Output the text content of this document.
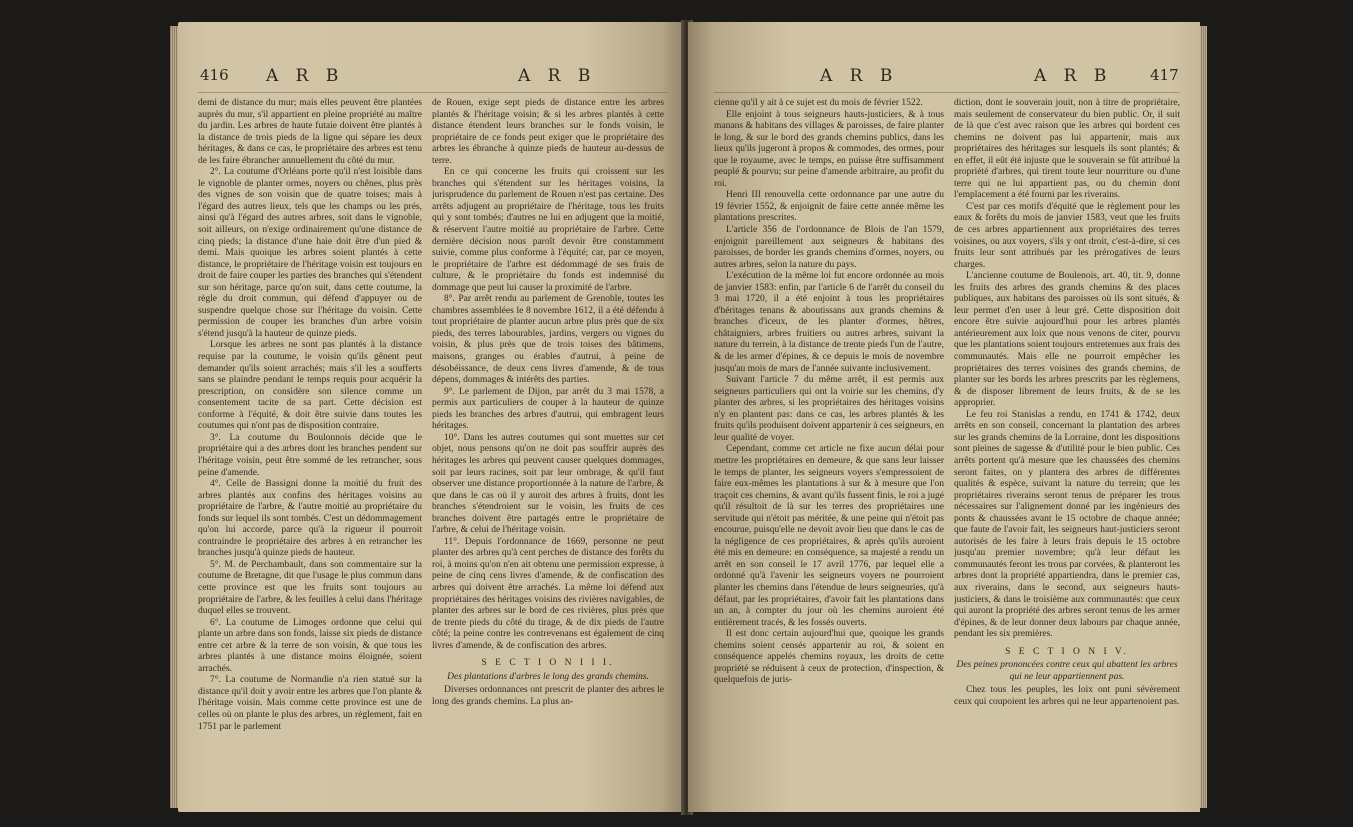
416 A R B	A R B

demi de distance du mur; mais elles peuvent être plantées auprès du mur, s'il appartient en pleine propriété au maître du jardin. Les arbres de haute futaie doivent être plantés à la distance de trois pieds de la ligne qui sépare les deux héritages, & dans ce cas, le propriétaire des arbres est tenu de les faire ébrancher annuellement du côté du mur.

2°. La coutume d'Orléans porte qu'il n'est loisible dans le vignoble de planter ormes, noyers ou chênes, plus près des vignes de son voisin que de quatre toises; mais à l'égard des autres lieux, tels que les champs ou les prés, ainsi qu'à l'égard des autres arbres, soit dans le vignoble, soit ailleurs, on n'exige ordinairement qu'une distance de cinq pieds; la distance d'une haie doit être d'un pied & demi. Mais quoique les arbres soient plantés à cette distance, le propriétaire de l'héritage voisin est toujours en droit de faire couper les parties des branches qui s'étendent sur son héritage, parce qu'on suit, dans cette coutume, la règle du droit commun, qui défend d'appuyer ou de suspendre quelque chose sur l'héritage du voisin. Cette permission de couper les branches d'un arbre voisin s'étend jusqu'à la hauteur de quinze pieds.

Lorsque les arbres ne sont pas plantés à la distance requise par la coutume, le voisin qu'ils gênent peut demander qu'ils soient arrachés; mais s'il les a soufferts sans se plaindre pendant le temps requis pour acquérir la prescription, on considère son silence comme un consentement tacite de sa part. Cette décision est conforme à l'équité, & doit être suivie dans toutes les coutumes qui n'ont pas de disposition contraire.

3°. La coutume du Boulonnois décide que le propriétaire qui a des arbres dont les branches pendent sur l'héritage voisin, peut être sommé de les retrancher, sous peine d'amende.

4°. Celle de Bassigni donne la moitié du fruit des arbres plantés aux confins des héritages voisins au propriétaire de l'arbre, & l'autre moitié au propriétaire du fonds sur lequel ils sont tombés. C'est un dédommagement qu'on lui accorde, parce qu'à la rigueur il pourroit contraindre le propriétaire des arbres à en retrancher les branches jusqu'à quinze pieds de hauteur.

5°. M. de Perchambault, dans son commentaire sur la coutume de Bretagne, dit que l'usage le plus commun dans cette province est que les fruits sont toujours au propriétaire de l'arbre, & les feuilles à celui dans l'héritage duquel elles se trouvent.

6°. La coutume de Limoges ordonne que celui qui plante un arbre dans son fonds, laisse six pieds de distance entre cet arbre & la terre de son voisin, & que tous les arbres plantés à une distance moins éloignée, soient arrachés.

7°. La coutume de Normandie n'a rien statué sur la distance qu'il doit y avoir entre les arbres que l'on plante & l'héritage voisin. Mais comme cette province est une de celles où on plante le plus des arbres, un règlement, fait en 1751 par le parlement

de Rouen, exige sept pieds de distance entre les arbres plantés & l'héritage voisin; & si les arbres plantés à cette distance étendent leurs branches sur le fonds voisin, le propriétaire de ce fonds peut exiger que le propriétaire des arbres les ébranche à quinze pieds de hauteur au-dessus de terre.

En ce qui concerne les fruits qui croissent sur les branches qui s'étendent sur les héritages voisins, la jurisprudence du parlement de Rouen n'est pas certaine. Des arrêts adjugent au propriétaire de l'héritage, tous les fruits qui y sont tombés; d'autres ne lui en adjugent que la moitié, & réservent l'autre moitié au propriétaire de l'arbre. Cette dernière décision nous paroît devoir être constamment suivie, comme plus conforme à l'équité; car, par ce moyen, le propriétaire de l'arbre est dédommagé de ses frais de culture, & le propriétaire du fonds est indemnisé du dommage que peut lui causer la proximité de l'arbre.

8°. Par arrêt rendu au parlement de Grenoble, toutes les chambres assemblées le 8 novembre 1612, il a été défendu à tout propriétaire de planter aucun arbre plus près que de six pieds, des terres labourables, jardins, vergers ou vignes du voisin, & plus près que de trois toises des bâtimens, maisons, granges ou érables d'autrui, à peine de désobéissance, de deux cens livres d'amende, & de tous dépens, dommages & intérêts des parties.

9°. Le parlement de Dijon, par arrêt du 3 mai 1578, a permis aux particuliers de couper à la hauteur de quinze pieds les branches des arbres d'autrui, qui embragent leurs héritages.

10°. Dans les autres coutumes qui sont muettes sur cet objet, nous pensons qu'on ne doit pas souffrir auprès des héritages les arbres qui peuvent causer quelques dommages, soit par leurs racines, soit par leur ombrage, & qu'il faut observer une distance proportionnée à la nature de l'arbre, & que dans le cas où il y auroit des arbres à fruits, dont les branches s'étendroient sur le voisin, les fruits de ces branches doivent être partagés entre le propriétaire de l'arbre, & celui de l'héritage voisin.

11°. Depuis l'ordonnance de 1669, personne ne peut planter des arbres qu'à cent perches de distance des forêts du roi, à moins qu'on n'en ait obtenu une permission expresse, à peine de cinq cens livres d'amende, & de confiscation des arbres qui doivent être arrachés. La même loi défend aux propriétaires des héritages voisins des rivières navigables, de planter des arbres sur le bord de ces rivières, plus près que de trente pieds du côté du tirage, & de dix pieds de l'autre côté; la peine contre les contrevenans est également de cinq livres d'amende, & de confiscation des arbres.

S E C T I O N I I I.
Des plantations d'arbres le long des grands chemins.

Diverses ordonnances ont prescrit de planter des arbres le long des grands chemins. La plus an-

A R B	A R B	417

cienne qu'il y ait à ce sujet est du mois de février 1522.

Elle enjoint à tous seigneurs hauts-justiciers, & à tous manans & habitans des villages & paroisses, de faire planter le long, & sur le bord des grands chemins publics, dans les lieux qu'ils jugeront à propos & commodes, des ormes, pour que le royaume, avec le temps, en puisse être suffisamment peuplé & pourvu; sur peine d'amende arbitraire, au profit du roi.

Henri III renouvella cette ordonnance par une autre du 19 février 1552, & enjoignit de faire cette année même les plantations prescrites.

L'article 356 de l'ordonnance de Blois de l'an 1579, enjoignit pareillement aux seigneurs & habitans des paroisses, de border les grands chemins d'ormes, noyers, ou autres arbres, selon la nature du pays.

L'exécution de la même loi fut encore ordonnée au mois de janvier 1583: enfin, par l'article 6 de l'arrêt du conseil du 3 mai 1720, il a été enjoint à tous les propriétaires d'héritages tenans & aboutissans aux grands chemins & branches d'iceux, de les planter d'ormes, hêtres, châtaigniers, arbres fruitiers ou autres arbres, suivant la nature du terrein, à la distance de trente pieds l'un de l'autre, & de les armer d'épines, & ce depuis le mois de novembre jusqu'au mois de mars de l'année suivante inclusivement.

Suivant l'article 7 du même arrêt, il est permis aux seigneurs particuliers qui ont la voirie sur les chemins, d'y planter des arbres, si les propriétaires des héritages voisins n'y en plantent pas: dans ce cas, les arbres plantés & les fruits qu'ils produisent doivent appartenir à ces seigneurs, en leur qualité de voyer.

Cependant, comme cet article ne fixe aucun délai pour mettre les propriétaires en demeure, & que sans leur laisser le temps de planter, les seigneurs voyers s'empressoient de faire eux-mêmes les plantations à sur & à mesure que l'on traçoit ces chemins, & avant qu'ils fussent finis, le roi a jugé qu'il résultoit de là sur les terres des propriétaires une servitude qui n'étoit pas méritée, & une peine qui n'étoit pas encourue, puisqu'elle ne devoit avoir lieu que dans le cas de la négligence de ces propriétaires, & après qu'ils auroient été mis en demeure: en conséquence, sa majesté a rendu un arrêt en son conseil le 17 avril 1776, par lequel elle a ordonné qu'à l'avenir les seigneurs voyers ne pourroient planter les chemins dans l'étendue de leurs seigneuries, qu'à défaut, par les propriétaires, d'avoir fait les plantations dans un an, à compter du jour où les chemins auroient été entièrement tracés, & les fossés ouverts.

Il est donc certain aujourd'hui que, quoique les grands chemins soient censés appartenir au roi, & soient en conséquence appelés chemins royaux, les droits de cette propriété se réduisent à ceux de protection, d'inspection, & quelquefois de juris-

diction, dont le souverain jouit, non à titre de propriétaire, mais seulement de conservateur du bien public. Or, il suit de là que c'est avec raison que les arbres qui bordent ces chemins ne doivent pas lui appartenir, mais aux propriétaires des héritages sur lesquels ils sont plantés; & en effet, il eût été injuste que le souverain se fût attribué la propriété d'arbres, qui tirent toute leur nourriture ou d'une terre qui ne lui appartient pas, ou du chemin dont l'emplacement a été fourni par les riverains.

C'est par ces motifs d'équité que le règlement pour les eaux & forêts du mois de janvier 1583, veut que les fruits de ces arbres appartiennent aux propriétaires des terres voisines, ou aux voyers, s'ils y ont droit, c'est-à-dire, si ces fruits leur sont attribués par les prérogatives de leurs charges.

L'ancienne coutume de Boulenois, art. 40, tit. 9, donne les fruits des arbres des grands chemins & des places publiques, aux habitans des paroisses où ils sont situés, & leur permet d'en user à leur gré. Cette disposition doit encore être suivie aujourd'hui pour les arbres plantés antérieurement aux loix que nous venons de citer, pourvu que les plantations soient toujours entretenues aux frais des communautés. Mais elle ne pourroit empêcher les propriétaires des terres voisines des grands chemins, de planter sur les bords les arbres prescrits par les règlemens, & de disposer librement de leurs fruits, & de se les approprier.

Le feu roi Stanislas a rendu, en 1741 & 1742, deux arrêts en son conseil, concernant la plantation des arbres sur les grands chemins de la Lorraine, dont les dispositions sont pleines de sagesse & d'utilité pour le bien public. Ces arrêts portent qu'à mesure que les chaussées des chemins seront faites, on y plantera des arbres de différentes qualités & espèce, suivant la nature du terrein; que les propriétaires riverains seront tenus de préparer les trous nécessaires sur l'alignement donné par les ingénieurs des ponts & chaussées avant le 15 octobre de chaque année; que faute de l'avoir fait, les seigneurs haut-justiciers seront autorisés de les faire à leurs frais depuis le 15 octobre jusqu'au premier novembre; qu'à leur défaut les communautés feront les trous par corvées, & planteront les arbres dont la propriété appartiendra, dans le premier cas, aux riverains, dans le second, aux seigneurs hauts-justiciers, & dans le troisième aux communautés: que ceux qui auront la propriété des arbres seront tenus de les armer d'épines, & de leur donner deux labours par chaque année, pendant les six premières.

S E C T I O N I V.
Des peines prononcées contre ceux qui abattent les arbres qui ne leur appartiennent pas.

Chez tous les peuples, les loix ont puni sévèrement ceux qui coupoient les arbres qui ne leur appartenoient pas.
